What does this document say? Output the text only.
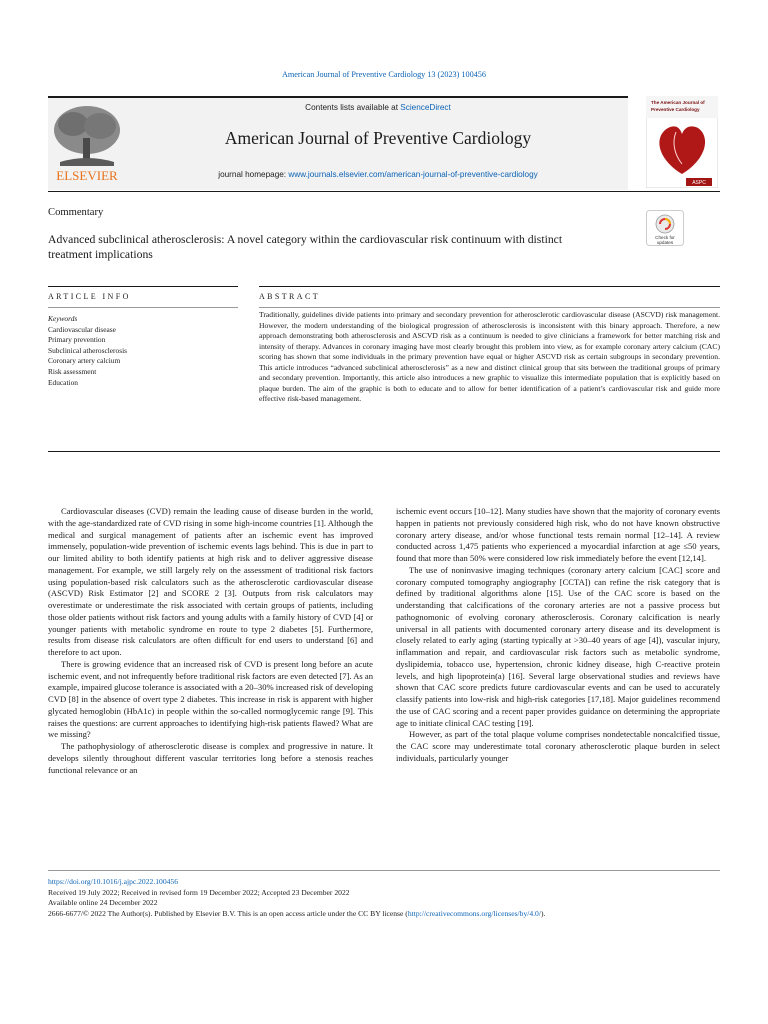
American Journal of Preventive Cardiology 13 (2023) 100456
ELSEVIER
Contents lists available at ScienceDirect
American Journal of Preventive Cardiology
journal homepage: www.journals.elsevier.com/american-journal-of-preventive-cardiology
The American Journal of
Preventive Cardiology
ASPC
Commentary
Advanced subclinical atherosclerosis: A novel category within the cardiovascular risk continuum with distinct treatment implications
Check for
updates
ARTICLE INFO	ABSTRACT
Keywords
Cardiovascular disease
Primary prevention
Subclinical atherosclerosis
Coronary artery calcium
Risk assessment
Education
Traditionally, guidelines divide patients into primary and secondary prevention for atherosclerotic cardiovascular disease (ASCVD) risk management. However, the modern understanding of the biological progression of atherosclerosis is inconsistent with this binary approach. Therefore, a new approach demonstrating both atherosclerosis and ASCVD risk as a continuum is needed to give clinicians a framework for better matching risk and intensity of therapy. Advances in coronary imaging have most clearly brought this problem into view, as for example coronary artery calcium (CAC) scoring has shown that some individuals in the primary prevention have equal or higher ASCVD risk as certain subgroups in secondary prevention. This article introduces “advanced subclinical atherosclerosis” as a new and distinct clinical group that sits between the traditional groups of primary and secondary prevention. Importantly, this article also introduces a new graphic to visualize this intermediate population that is explicitly based on plaque burden. The aim of the graphic is both to educate and to allow for better identification of a patient’s cardiovascular risk and guide more effective risk-based management.

Cardiovascular diseases (CVD) remain the leading cause of disease burden in the world, with the age-standardized rate of CVD rising in some high-income countries [1]. Although the medical and surgical management of patients after an ischemic event has improved immensely, population-wide prevention of ischemic events lags behind. This is due in part to our limited ability to both identify patients at high risk and to deliver aggressive disease management. For example, we still largely rely on the assessment of traditional risk factors using population-based risk calculators such as the atherosclerotic cardiovascular disease (ASCVD) Risk Estimator [2] and SCORE 2 [3]. Outputs from risk calculators may overestimate or underestimate the risk associated with certain groups of patients, including those older patients without risk factors and young adults with a family history of CVD [4] or younger patients with metabolic syndrome en route to type 2 diabetes [5]. Furthermore, results from disease risk calculators are often difficult for end users to understand [6] and therefore to act upon.

There is growing evidence that an increased risk of CVD is present long before an acute ischemic event, and not infrequently before traditional risk factors are even detected [7]. As an example, impaired glucose tolerance is associated with a 20–30% increased risk of developing CVD [8] in the absence of overt type 2 diabetes. This increase in risk is apparent with higher glycated hemoglobin (HbA1c) in people within the so-called normoglycemic range [9]. This raises the questions: are current approaches to identifying high-risk patients flawed? What are we missing?

The pathophysiology of atherosclerotic disease is complex and progressive in nature. It develops silently throughout different vascular territories long before a stenosis reaches functional relevance or an

ischemic event occurs [10–12]. Many studies have shown that the majority of coronary events happen in patients not previously considered high risk, who do not have known obstructive coronary artery disease, and/or whose functional tests remain normal [12–14]. A review conducted across 1,475 patients who experienced a myocardial infarction at age ≤50 years, found that more than 50% were considered low risk immediately before the event [12,14].

The use of noninvasive imaging techniques (coronary artery calcium [CAC] score and coronary computed tomography angiography [CCTA]) can refine the risk category that is defined by traditional algorithms alone [15]. Use of the CAC score is based on the understanding that calcifications of the coronary arteries are not a passive process but pathognomonic of evolving coronary atherosclerosis. Coronary calcification is nearly universal in all patients with documented coronary artery disease and its development is closely related to early aging (starting typically at >30–40 years of age [4]), vascular injury, inflammation and repair, and cardiovascular risk factors such as metabolic syndrome, dyslipidemia, tobacco use, hypertension, chronic kidney disease, high C-reactive protein levels, and high lipoprotein(a) [16]. Several large observational studies and reviews have shown that CAC score predicts future cardiovascular events and can be used to accurately classify patients into low-risk and high-risk categories [17,18]. Major guidelines recommend the use of CAC scoring and a recent paper provides guidance on determining the appropriate age to initiate clinical CAC testing [19].

However, as part of the total plaque volume comprises nondetectable noncalcified tissue, the CAC score may underestimate total coronary atherosclerotic plaque burden in select individuals, particularly younger

https://doi.org/10.1016/j.ajpc.2022.100456
Received 19 July 2022; Received in revised form 19 December 2022; Accepted 23 December 2022
Available online 24 December 2022
2666-6677/© 2022 The Author(s). Published by Elsevier B.V. This is an open access article under the CC BY license (http://creativecommons.org/licenses/by/4.0/).
